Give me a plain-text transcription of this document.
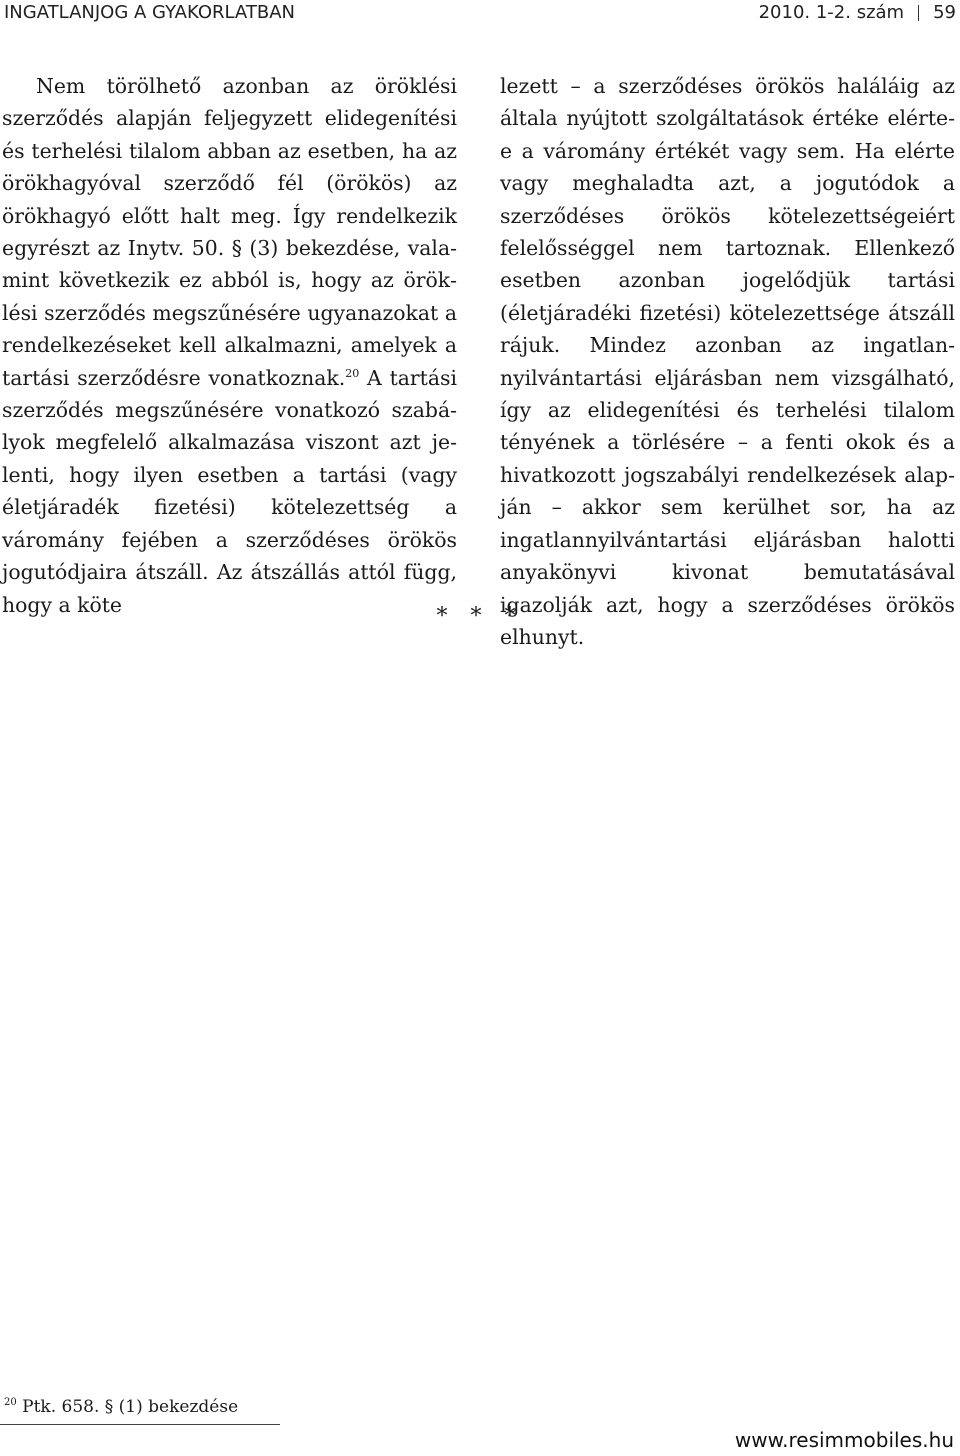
INGATLANJOG A GYAKORLATBAN	2010. 1-2. szám 59

Nem törölhető azonban az öröklési szerződés alapján feljegyzett elidegenítési és terhelési tilalom abban az esetben, ha az örökhagyóval szerződő fél (örökös) az örökhagyó előtt halt meg. Így rendelkezik egyrészt az Inytv. 50. § (3) bekezdése, valamint következik ez abból is, hogy az öröklési szerződés megszűnésére ugyanazokat a rendelkezéseket kell alkalmazni, amelyek a tartási szerződésre vonatkoznak.$^{20}$ A tartási szerződés megszűnésére vonatkozó szabályok megfelelő alkalmazása viszont azt jelenti, hogy ilyen esetben a tartási (vagy életjáradék fizetési) kötelezettség a váromány fejében a szerződéses örökös jogutódjaira átszáll. Az átszállás attól függ, hogy a köte

lezett – a szerződéses örökös haláláig az általa nyújtott szolgáltatások értéke elérte-e a váromány értékét vagy sem. Ha elérte vagy meghaladta azt, a jogutódok a szerződéses örökös kötelezettségeiért felelősséggel nem tartoznak. Ellenkező esetben azonban jogelődjük tartási (életjáradéki fizetési) kötelezettsége átszáll rájuk. Mindez azonban az ingatlan-nyilvántartási eljárásban nem vizsgálható, így az elidegenítési és terhelési tilalom tényének a törlésére – a fenti okok és a hivatkozott jogszabályi rendelkezések alapján – akkor sem kerülhet sor, ha az ingatlannyilvántartási eljárásban halotti anyakönyvi kivonat bemutatásával igazolják azt, hogy a szerződéses örökös elhunyt.

* * *
$^{20}$ Ptk. 658. § (1) bekezdése
www.resimmobiles.hu
